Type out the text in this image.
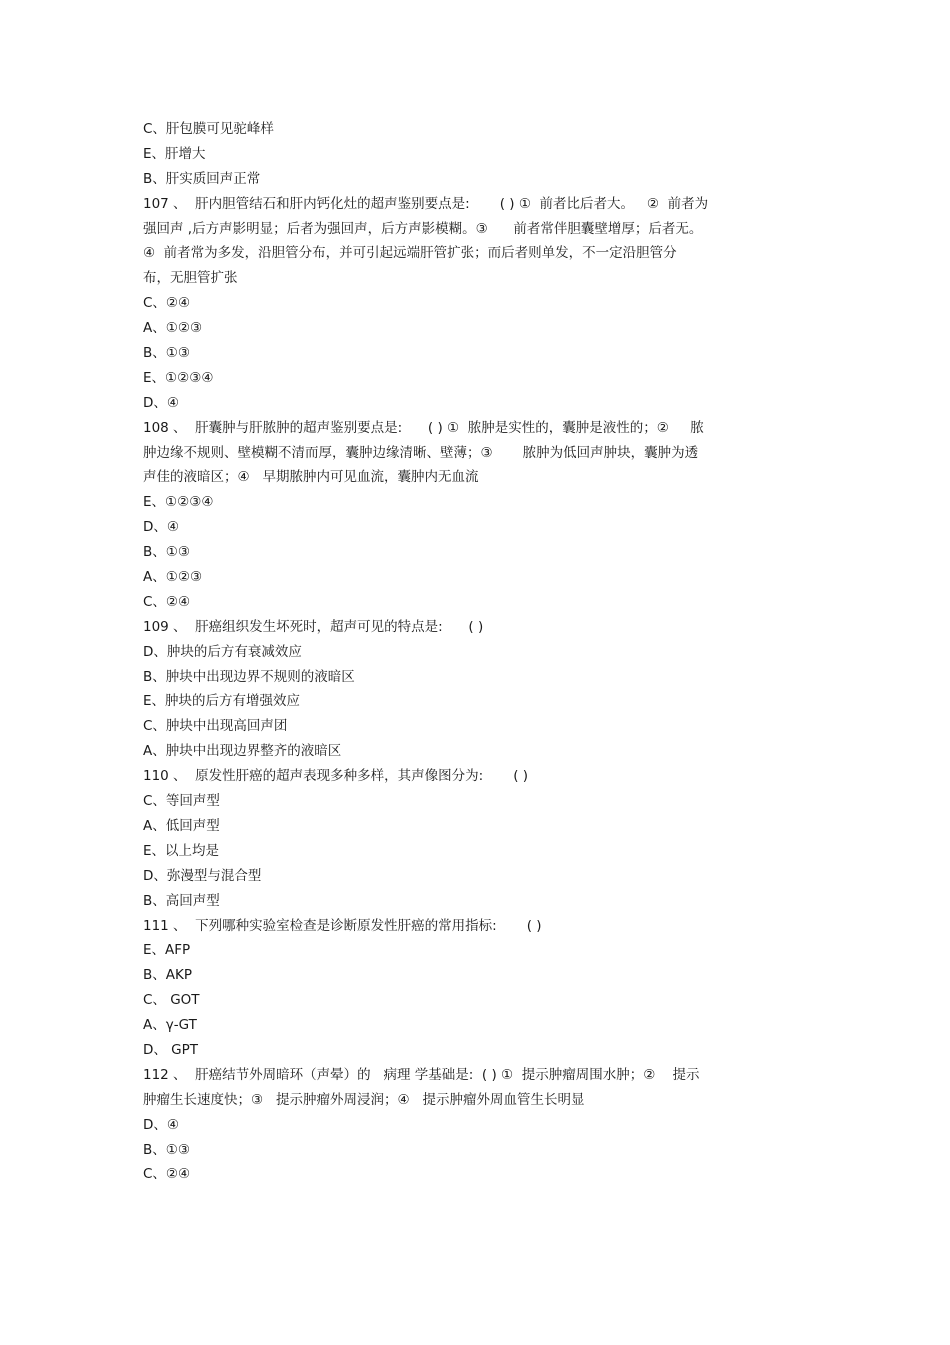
C、肝包膜可见驼峰样
E、肝增大
B、肝实质回声正常
107 、  肝内胆管结石和肝内钙化灶的超声鉴别要点是:       ( ) ①  前者比后者大。   ②  前者为
强回声 ,后方声影明显；后者为强回声，后方声影模糊。③      前者常伴胆囊壁增厚；后者无。
④  前者常为多发，沿胆管分布，并可引起远端肝管扩张；而后者则单发，不一定沿胆管分
布，无胆管扩张
C、②④
A、①②③
B、①③
E、①②③④
D、④
108 、  肝囊肿与肝脓肿的超声鉴别要点是:      ( ) ①  脓肿是实性的，囊肿是液性的；②     脓
肿边缘不规则、壁模糊不清而厚，囊肿边缘清晰、壁薄；③       脓肿为低回声肿块，囊肿为透
声佳的液暗区；④   早期脓肿内可见血流，囊肿内无血流
E、①②③④
D、④
B、①③
A、①②③
C、②④
109 、  肝癌组织发生坏死时，超声可见的特点是:      ( )
D、肿块的后方有衰减效应
B、肿块中出现边界不规则的液暗区
E、肿块的后方有增强效应
C、肿块中出现高回声团
A、肿块中出现边界整齐的液暗区
110 、  原发性肝癌的超声表现多种多样，其声像图分为:       ( )
C、等回声型
A、低回声型
E、以上均是
D、弥漫型与混合型
B、高回声型
111 、  下列哪种实验室检查是诊断原发性肝癌的常用指标:       ( )
E、AFP
B、AKP
C、 GOT
A、γ-GT
D、 GPT
112 、  肝癌结节外周暗环（声晕）的   病理 学基础是:  ( ) ①  提示肿瘤周围水肿；②    提示
肿瘤生长速度快；③   提示肿瘤外周浸润；④   提示肿瘤外周血管生长明显
D、④
B、①③
C、②④
